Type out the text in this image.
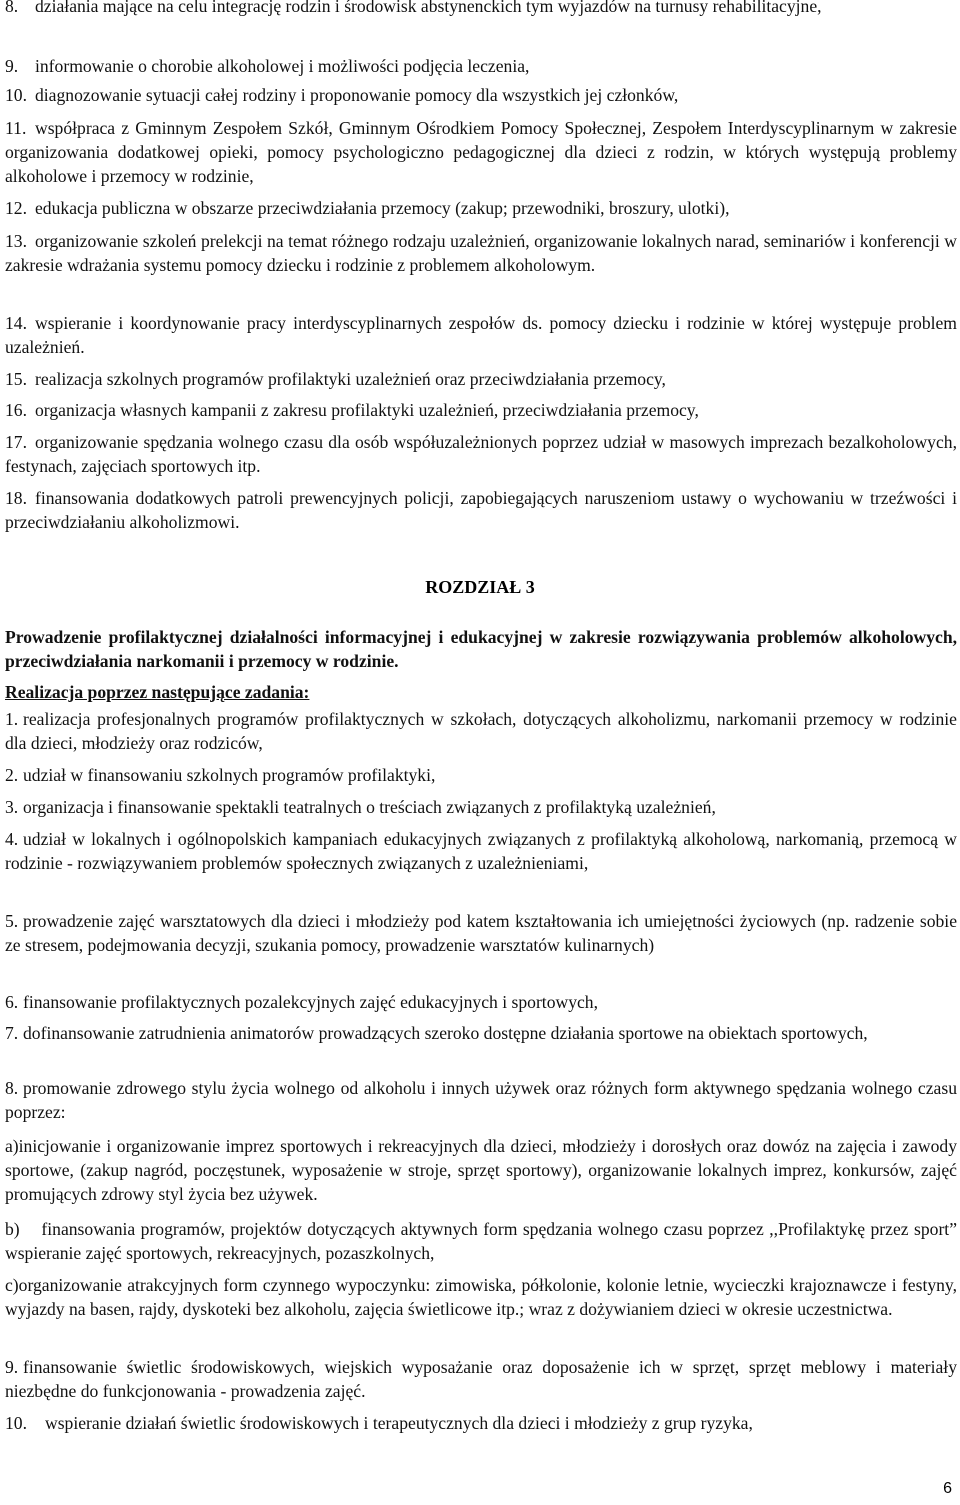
8. działania mające na celu integrację rodzin i środowisk abstynenckich tym wyjazdów na turnusy rehabilitacyjne,
9. informowanie o chorobie alkoholowej i możliwości podjęcia leczenia,
10. diagnozowanie sytuacji całej rodziny i proponowanie pomocy dla wszystkich jej członków,
11. współpraca z Gminnym Zespołem Szkół, Gminnym Ośrodkiem Pomocy Społecznej, Zespołem Interdyscyplinarnym w zakresie organizowania dodatkowej opieki, pomocy psychologiczno pedagogicznej dla dzieci z rodzin, w których występują problemy alkoholowe i przemocy w rodzinie,
12. edukacja publiczna w obszarze przeciwdziałania przemocy (zakup; przewodniki, broszury, ulotki),
13. organizowanie szkoleń prelekcji na temat różnego rodzaju uzależnień, organizowanie lokalnych narad, seminariów i konferencji w zakresie wdrażania systemu pomocy dziecku i rodzinie z problemem alkoholowym.
14. wspieranie i koordynowanie pracy interdyscyplinarnych zespołów ds. pomocy dziecku i rodzinie w której występuje problem uzależnień.
15. realizacja szkolnych programów profilaktyki uzależnień oraz przeciwdziałania przemocy,
16. organizacja własnych kampanii z zakresu profilaktyki uzależnień, przeciwdziałania przemocy,
17. organizowanie spędzania wolnego czasu dla osób współuzależnionych poprzez udział w masowych imprezach bezalkoholowych, festynach, zajęciach sportowych itp.
18. finansowania dodatkowych patroli prewencyjnych policji, zapobiegających naruszeniom ustawy o wychowaniu w trzeźwości i przeciwdziałaniu alkoholizmowi.
ROZDZIAŁ 3
Prowadzenie profilaktycznej działalności informacyjnej i edukacyjnej w zakresie rozwiązywania problemów alkoholowych, przeciwdziałania narkomanii i przemocy w rodzinie.
Realizacja poprzez następujące zadania:
1. realizacja profesjonalnych programów profilaktycznych w szkołach, dotyczących alkoholizmu, narkomanii przemocy w rodzinie dla dzieci, młodzieży oraz rodziców,
2. udział w finansowaniu szkolnych programów profilaktyki,
3. organizacja i finansowanie spektakli teatralnych o treściach związanych z profilaktyką uzależnień,
4. udział w lokalnych i ogólnopolskich kampaniach edukacyjnych związanych z profilaktyką alkoholową, narkomanią, przemocą w rodzinie - rozwiązywaniem problemów społecznych związanych z uzależnieniami,
5. prowadzenie zajęć warsztatowych dla dzieci i młodzieży pod katem kształtowania ich umiejętności życiowych (np. radzenie sobie ze stresem, podejmowania decyzji, szukania pomocy, prowadzenie warsztatów kulinarnych)
6. finansowanie profilaktycznych pozalekcyjnych zajęć edukacyjnych i sportowych,
7. dofinansowanie zatrudnienia animatorów prowadzących szeroko dostępne działania sportowe na obiektach sportowych,
8. promowanie zdrowego stylu życia wolnego od alkoholu i innych używek oraz różnych form aktywnego spędzania wolnego czasu poprzez:
a)inicjowanie i organizowanie imprez sportowych i rekreacyjnych dla dzieci, młodzieży i dorosłych oraz dowóz na zajęcia i zawody sportowe, (zakup nagród, poczęstunek, wyposażenie w stroje, sprzęt sportowy), organizowanie lokalnych imprez, konkursów, zajęć promujących zdrowy styl życia bez używek.
b) finansowania programów, projektów dotyczących aktywnych form spędzania wolnego czasu poprzez ,,Profilaktykę przez sport” wspieranie zajęć sportowych, rekreacyjnych, pozaszkolnych,
c)organizowanie atrakcyjnych form czynnego wypoczynku: zimowiska, półkolonie, kolonie letnie, wycieczki krajoznawcze i festyny, wyjazdy na basen, rajdy, dyskoteki bez alkoholu, zajęcia świetlicowe itp.; wraz z dożywianiem dzieci w okresie uczestnictwa.
9. finansowanie świetlic środowiskowych, wiejskich wyposażanie oraz doposażenie ich w sprzęt, sprzęt meblowy i materiały niezbędne do funkcjonowania - prowadzenia zajęć.
10. wspieranie działań świetlic środowiskowych i terapeutycznych dla dzieci i młodzieży z grup ryzyka,
6
